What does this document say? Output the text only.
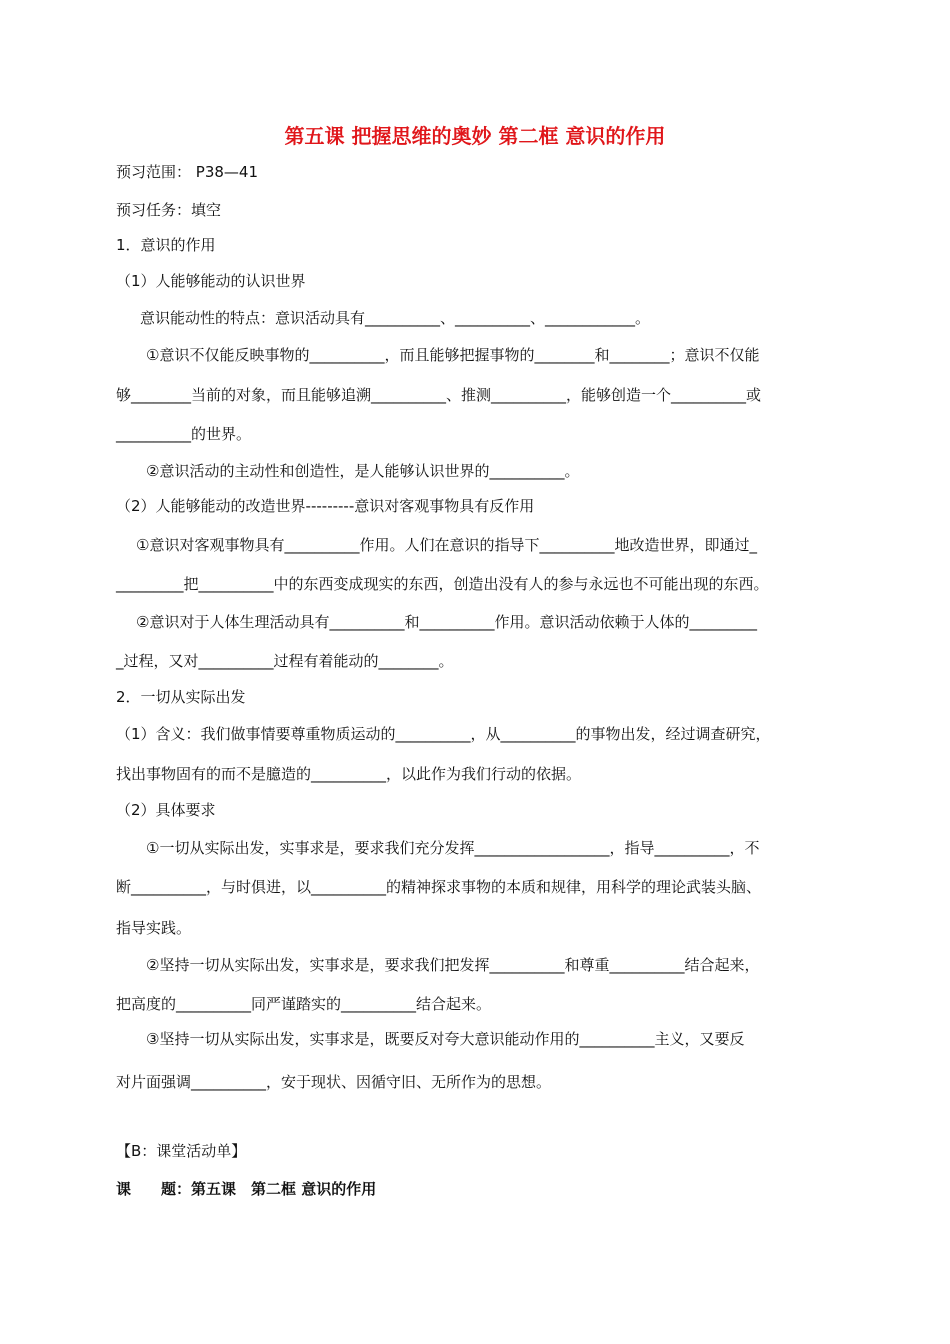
第五课 把握思维的奥妙 第二框 意识的作用
预习范围： P38—41
预习任务：填空
1．意识的作用
（1）人能够能动的认识世界
意识能动性的特点：意识活动具有__________、__________、____________。
①意识不仅能反映事物的__________，而且能够把握事物的________和________；意识不仅能
够________当前的对象，而且能够追溯__________、推测__________，能够创造一个__________或
__________的世界。
②意识活动的主动性和创造性，是人能够认识世界的__________。
（2）人能够能动的改造世界---------意识对客观事物具有反作用
①意识对客观事物具有__________作用。人们在意识的指导下__________地改造世界，即通过_
_________把__________中的东西变成现实的东西，创造出没有人的参与永远也不可能出现的东西。
②意识对于人体生理活动具有__________和__________作用。意识活动依赖于人体的_________
_过程，又对__________过程有着能动的________。
2．一切从实际出发
（1）含义：我们做事情要尊重物质运动的__________，从__________的事物出发，经过调查研究，
找出事物固有的而不是臆造的__________，以此作为我们行动的依据。
（2）具体要求
①一切从实际出发，实事求是，要求我们充分发挥__________________，指导__________，不
断__________，与时俱进，以__________的精神探求事物的本质和规律，用科学的理论武装头脑、
指导实践。
②坚持一切从实际出发，实事求是，要求我们把发挥__________和尊重__________结合起来，
把高度的__________同严谨踏实的__________结合起来。
③坚持一切从实际出发，实事求是，既要反对夸大意识能动作用的__________主义，又要反
对片面强调__________，安于现状、因循守旧、无所作为的思想。
【B：课堂活动单】
课　　题：第五课　第二框 意识的作用
